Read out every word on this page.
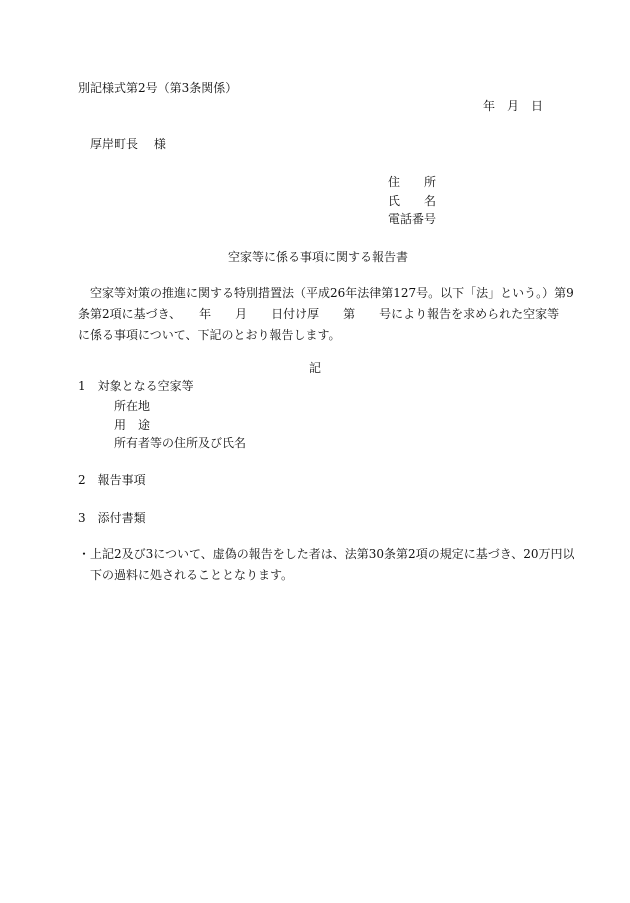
別記様式第2号（第3条関係）
年　月　日
厚岸町長　 様
住　　所
氏　　名
電話番号
空家等に係る事項に関する報告書
空家等対策の推進に関する特別措置法（平成26年法律第127号。以下「法」という。）第9
条第2項に基づき、　　年　　月　　日付け厚　　第　　号により報告を求められた空家等
に係る事項について、下記のとおり報告します。
記
1　対象となる空家等
所在地
用　途
所有者等の住所及び氏名
2　報告事項
3　添付書類
・上記2及び3について、虚偽の報告をした者は、法第30条第2項の規定に基づき、20万円以
下の過料に処されることとなります。
